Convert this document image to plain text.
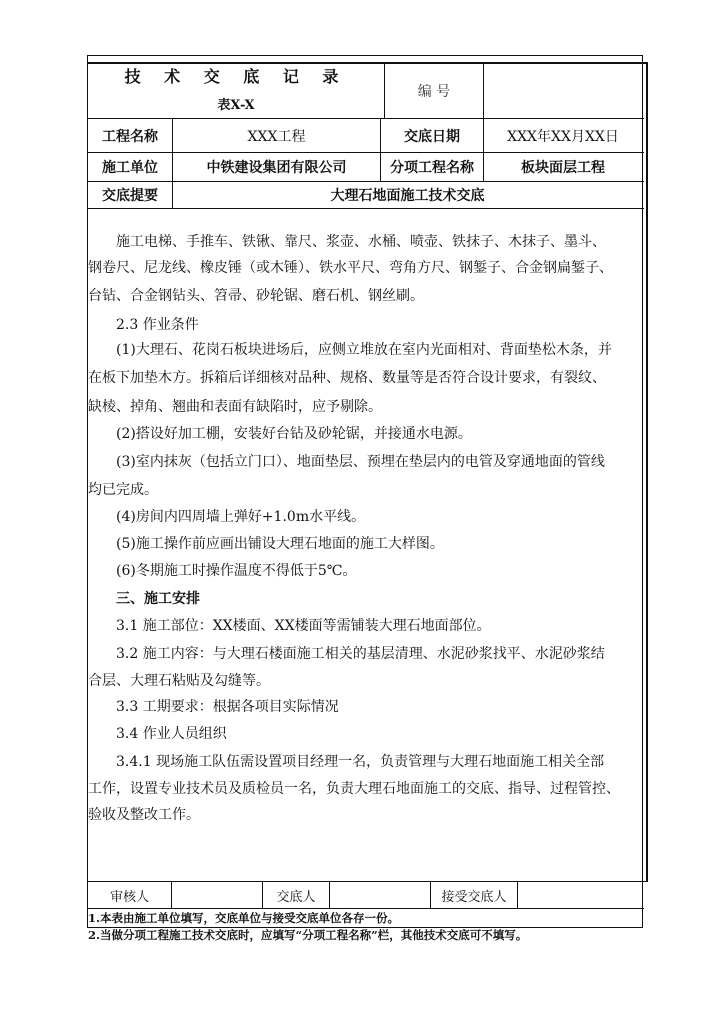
技 术 交 底 记 录
表X-X
编 号
工程名称	XXX工程	交底日期	XXX年XX月XX日
施工单位	中铁建设集团有限公司	分项工程名称	板块面层工程
交底提要	大理石地面施工技术交底
　　施工电梯、手推车、铁锹、靠尺、浆壶、水桶、喷壶、铁抹子、木抹子、墨斗、
钢卷尺、尼龙线、橡皮锤（或木锤）、铁水平尺、弯角方尺、钢錾子、合金钢扁錾子、
台钻、合金钢钻头、笤帚、砂轮锯、磨石机、钢丝刷。
　　2.3 作业条件
　　(1)大理石、花岗石板块进场后，应侧立堆放在室内光面相对、背面垫松木条，并
在板下加垫木方。拆箱后详细核对品种、规格、数量等是否符合设计要求，有裂纹、
缺棱、掉角、翘曲和表面有缺陷时，应予剔除。
　　(2)搭设好加工棚，安装好台钻及砂轮锯，并接通水电源。
　　(3)室内抹灰（包括立门口）、地面垫层、预埋在垫层内的电管及穿通地面的管线
均已完成。
　　(4)房间内四周墙上弹好+1.0m水平线。
　　(5)施工操作前应画出铺设大理石地面的施工大样图。
　　(6)冬期施工时操作温度不得低于5℃。
　　三、施工安排
　　3.1 施工部位：XX楼面、XX楼面等需铺装大理石地面部位。
　　3.2 施工内容：与大理石楼面施工相关的基层清理、水泥砂浆找平、水泥砂浆结
合层、大理石粘贴及勾缝等。
　　3.3 工期要求：根据各项目实际情况
　　3.4 作业人员组织
　　3.4.1 现场施工队伍需设置项目经理一名，负责管理与大理石地面施工相关全部
工作，设置专业技术员及质检员一名，负责大理石地面施工的交底、指导、过程管控、
验收及整改工作。
审核人	交底人	接受交底人
1.本表由施工单位填写，交底单位与接受交底单位各存一份。
2.当做分项工程施工技术交底时，应填写“分项工程名称”栏，其他技术交底可不填写。
